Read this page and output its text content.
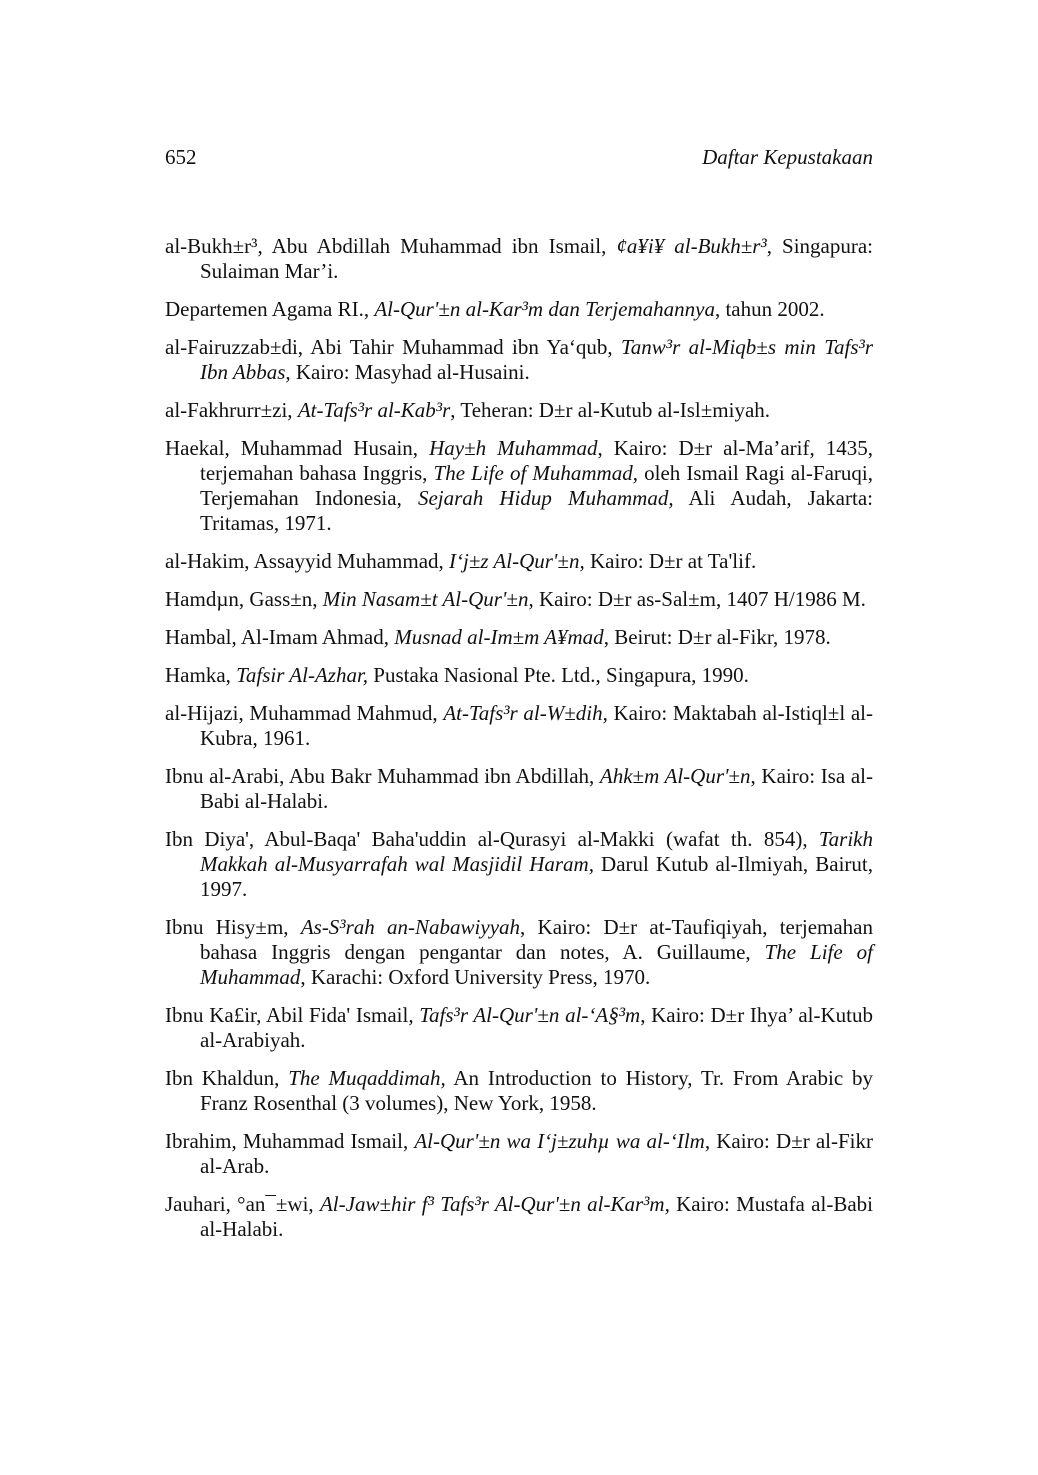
652	Daftar Kepustakaan

al-Bukh±r³, Abu Abdillah Muhammad ibn Ismail, ¢a¥i¥ al-Bukh±r³, Singapura: Sulaiman Mar’i.

Departemen Agama RI., Al-Qur'±n al-Kar³m dan Terjemahannya, tahun 2002.

al-Fairuzzab±di, Abi Tahir Muhammad ibn Ya‘qub, Tanw³r al-Miqb±s min Tafs³r Ibn Abbas, Kairo: Masyhad al-Husaini.

al-Fakhrurr±zi, At-Tafs³r al-Kab³r, Teheran: D±r al-Kutub al-Isl±miyah.

Haekal, Muhammad Husain, Hay±h Muhammad, Kairo: D±r al-Ma’arif, 1435, terjemahan bahasa Inggris, The Life of Muhammad, oleh Ismail Ragi al-Faruqi, Terjemahan Indonesia, Sejarah Hidup Muhammad, Ali Audah, Jakarta: Tritamas, 1971.

al-Hakim, Assayyid Muhammad, I‘j±z Al-Qur'±n, Kairo: D±r at Ta'lif.

Hamdµn, Gass±n, Min Nasam±t Al-Qur'±n, Kairo: D±r as-Sal±m, 1407 H/1986 M.

Hambal, Al-Imam Ahmad, Musnad al-Im±m A¥mad, Beirut: D±r al-Fikr, 1978.

Hamka, Tafsir Al-Azhar, Pustaka Nasional Pte. Ltd., Singapura, 1990.

al-Hijazi, Muhammad Mahmud, At-Tafs³r al-W±dih, Kairo: Maktabah al-Istiql±l al-Kubra, 1961.

Ibnu al-Arabi, Abu Bakr Muhammad ibn Abdillah, Ahk±m Al-Qur'±n, Kairo: Isa al-Babi al-Halabi.

Ibn Diya', Abul-Baqa' Baha'uddin al-Qurasyi al-Makki (wafat th. 854), Tarikh Makkah al-Musyarrafah wal Masjidil Haram, Darul Kutub al-Ilmiyah, Bairut, 1997.

Ibnu Hisy±m, As-S³rah an-Nabawiyyah, Kairo: D±r at-Taufiqiyah, terjemahan bahasa Inggris dengan pengantar dan notes, A. Guillaume, The Life of Muhammad, Karachi: Oxford University Press, 1970.

Ibnu Ka£ir, Abil Fida' Ismail, Tafs³r Al-Qur'±n al-‘A§³m, Kairo: D±r Ihya’ al-Kutub al-Arabiyah.

Ibn Khaldun, The Muqaddimah, An Introduction to History, Tr. From Arabic by Franz Rosenthal (3 volumes), New York, 1958.

Ibrahim, Muhammad Ismail, Al-Qur'±n wa I‘j±zuhµ wa al-‘Ilm, Kairo: D±r al-Fikr al-Arab.

Jauhari, °an¯±wi, Al-Jaw±hir f³ Tafs³r Al-Qur'±n al-Kar³m, Kairo: Mustafa al-Babi al-Halabi.
